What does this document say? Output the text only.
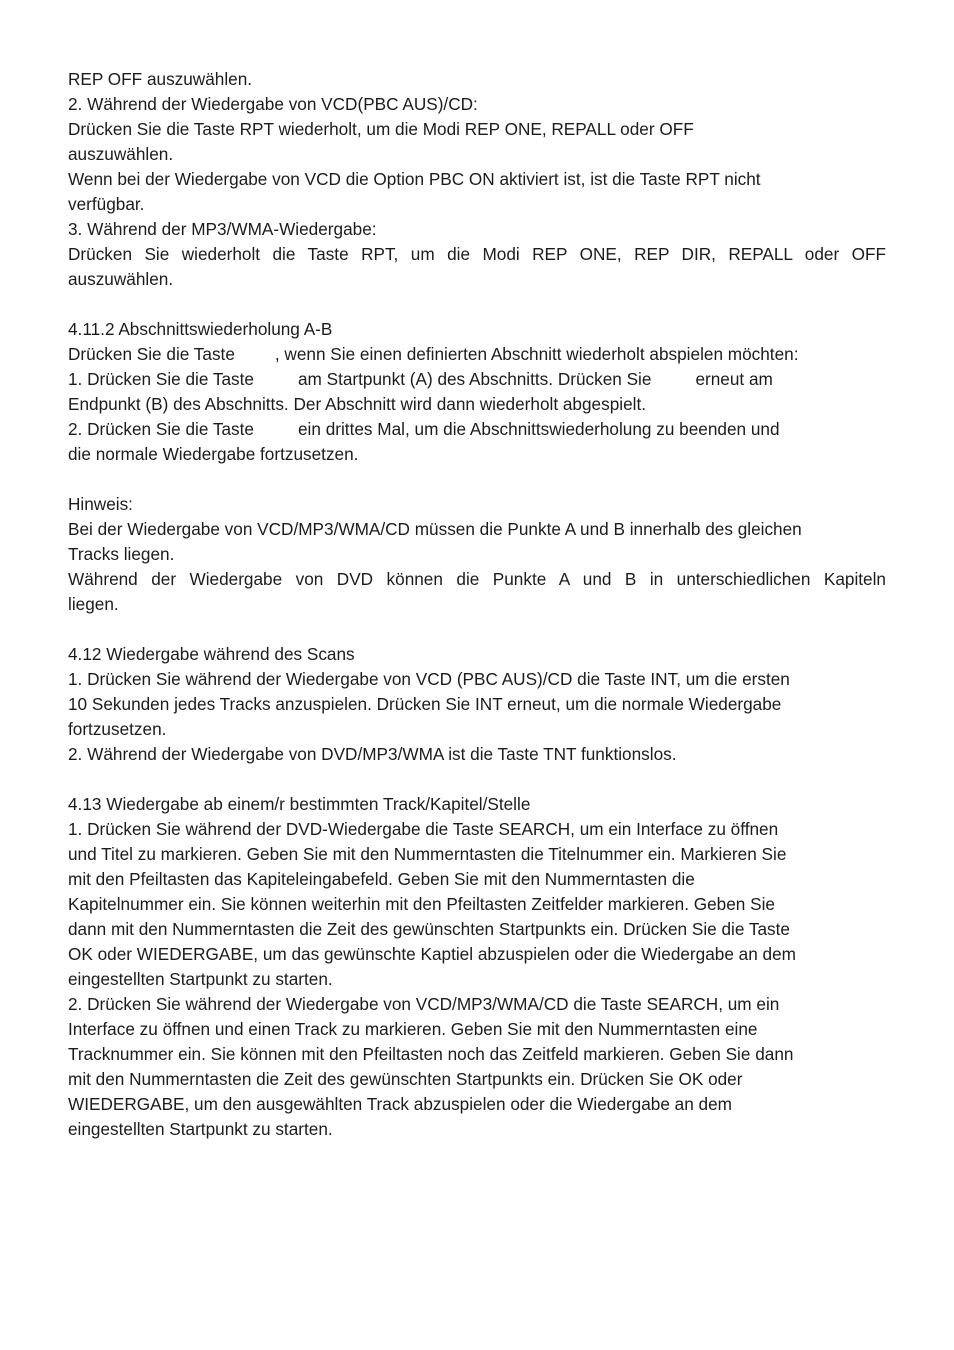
REP OFF auszuwählen.
2. Während der Wiedergabe von VCD(PBC AUS)/CD:
Drücken Sie die Taste RPT wiederholt, um die Modi REP ONE, REPALL oder OFF
auszuwählen.
Wenn bei der Wiedergabe von VCD die Option PBC ON aktiviert ist, ist die Taste RPT nicht
verfügbar.
3. Während der MP3/WMA-Wiedergabe:
Drücken Sie wiederholt die Taste RPT, um die Modi REP ONE, REP DIR, REPALL oder OFF
auszuwählen.
4.11.2 Abschnittswiederholung A-B
Drücken Sie die Taste , wenn Sie einen definierten Abschnitt wiederholt abspielen möchten:
1. Drücken Sie die Taste	am Startpunkt (A) des Abschnitts. Drücken Sie	erneut am
Endpunkt (B) des Abschnitts. Der Abschnitt wird dann wiederholt abgespielt.
2. Drücken Sie die Taste	ein drittes Mal, um die Abschnittswiederholung zu beenden und
die normale Wiedergabe fortzusetzen.
Hinweis:
Bei der Wiedergabe von VCD/MP3/WMA/CD müssen die Punkte A und B innerhalb des gleichen
Tracks liegen.
Während der Wiedergabe von DVD können die Punkte A und B in unterschiedlichen Kapiteln
liegen.
4.12 Wiedergabe während des Scans
1. Drücken Sie während der Wiedergabe von VCD (PBC AUS)/CD die Taste INT, um die ersten
10 Sekunden jedes Tracks anzuspielen. Drücken Sie INT erneut, um die normale Wiedergabe
fortzusetzen.
2. Während der Wiedergabe von DVD/MP3/WMA ist die Taste TNT funktionslos.
4.13 Wiedergabe ab einem/r bestimmten Track/Kapitel/Stelle
1. Drücken Sie während der DVD-Wiedergabe die Taste SEARCH, um ein Interface zu öffnen
und Titel zu markieren. Geben Sie mit den Nummerntasten die Titelnummer ein. Markieren Sie
mit den Pfeiltasten das Kapiteleingabefeld. Geben Sie mit den Nummerntasten die
Kapitelnummer ein. Sie können weiterhin mit den Pfeiltasten Zeitfelder markieren. Geben Sie
dann mit den Nummerntasten die Zeit des gewünschten Startpunkts ein. Drücken Sie die Taste
OK oder WIEDERGABE, um das gewünschte Kaptiel abzuspielen oder die Wiedergabe an dem
eingestellten Startpunkt zu starten.
2. Drücken Sie während der Wiedergabe von VCD/MP3/WMA/CD die Taste SEARCH, um ein
Interface zu öffnen und einen Track zu markieren. Geben Sie mit den Nummerntasten eine
Tracknummer ein. Sie können mit den Pfeiltasten noch das Zeitfeld markieren. Geben Sie dann
mit den Nummerntasten die Zeit des gewünschten Startpunkts ein. Drücken Sie OK oder
WIEDERGABE, um den ausgewählten Track abzuspielen oder die Wiedergabe an dem
eingestellten Startpunkt zu starten.
